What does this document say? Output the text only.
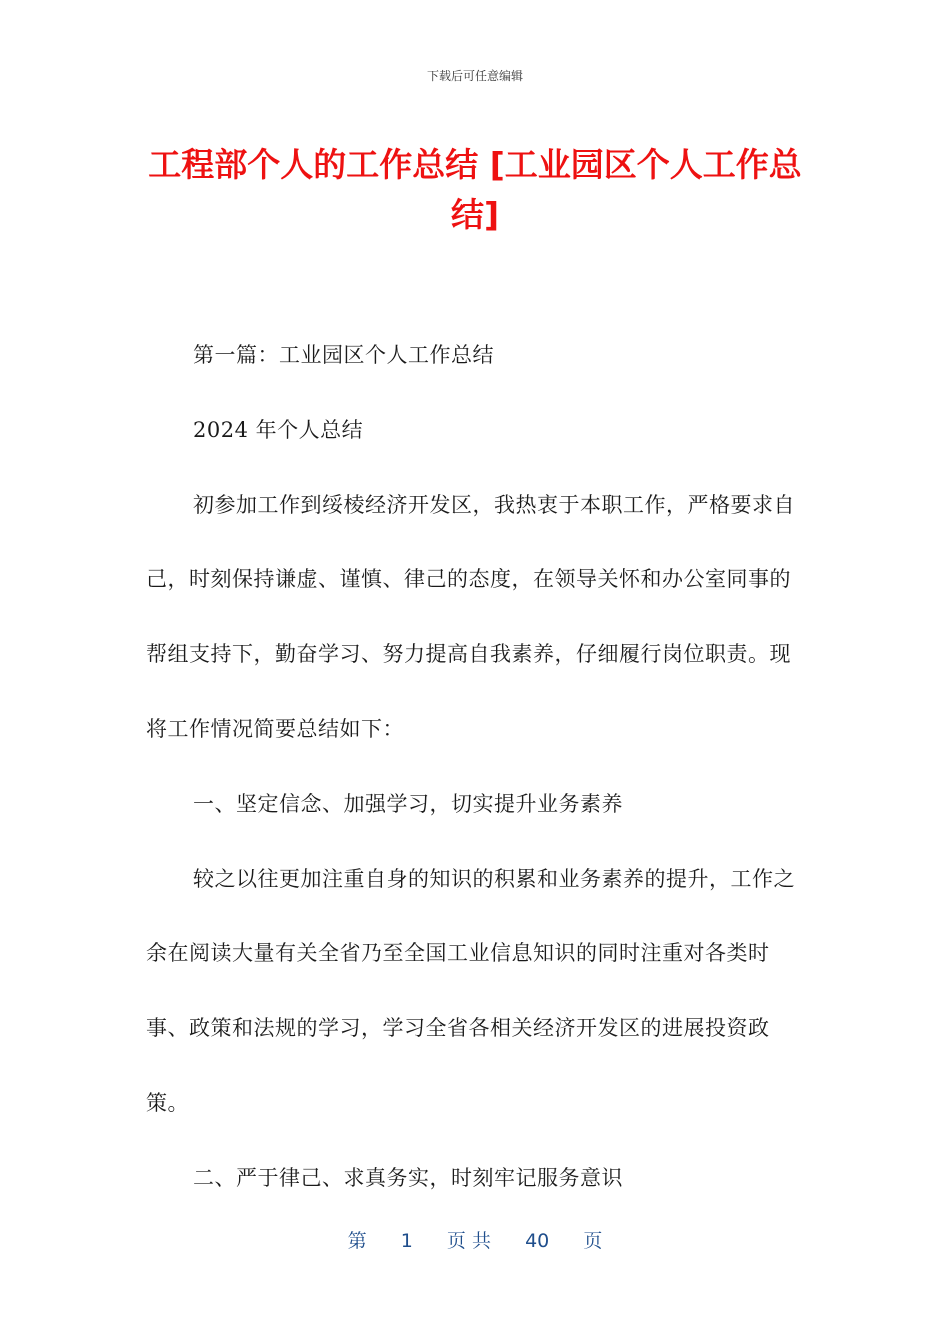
下载后可任意编辑
工程部个人的工作总结 [工业园区个人工作总结]

第一篇：工业园区个人工作总结

2024 年个人总结

初参加工作到绥棱经济开发区，我热衷于本职工作，严格要求自己，时刻保持谦虚、谨慎、律己的态度，在领导关怀和办公室同事的帮组支持下，勤奋学习、努力提高自我素养，仔细履行岗位职责。现将工作情况简要总结如下：

一、坚定信念、加强学习，切实提升业务素养

较之以往更加注重自身的知识的积累和业务素养的提升，工作之余在阅读大量有关全省乃至全国工业信息知识的同时注重对各类时事、政策和法规的学习，学习全省各相关经济开发区的进展投资政策。

二、严于律己、求真务实，时刻牢记服务意识

第 1 页 共 40 页
